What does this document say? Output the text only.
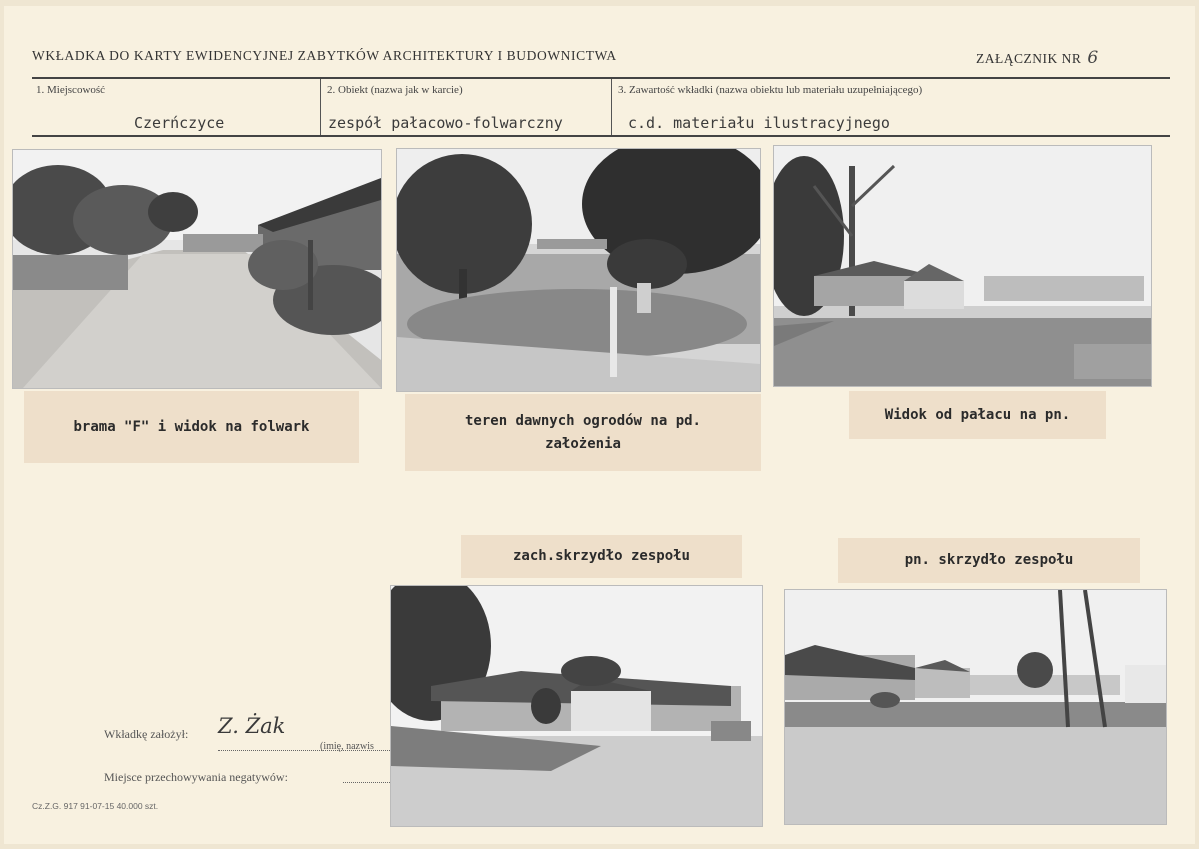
WKŁADKA DO KARTY EWIDENCYJNEJ ZABYTKÓW ARCHITEKTURY I BUDOWNICTWA	ZAŁĄCZNIK NR 6
1. Miejscowość
Czerńczyce
2. Obiekt (nazwa jak w karcie)
zespół pałacowo-folwarczny
3. Zawartość wkładki (nazwa obiektu lub materiału uzupełniającego)
c.d. materiału ilustracyjnego
brama "F" i widok na folwark	teren dawnych ogrodów na pd.
założenia
Widok od pałacu na pn.
zach.skrzydło zespołu	pn. skrzydło zespołu
Wkładkę założył: Z. Żak
(imię, nazwis
Miejsce przechowywania negatywów:
Cz.Z.G. 917 91-07-15 40.000 szt.
